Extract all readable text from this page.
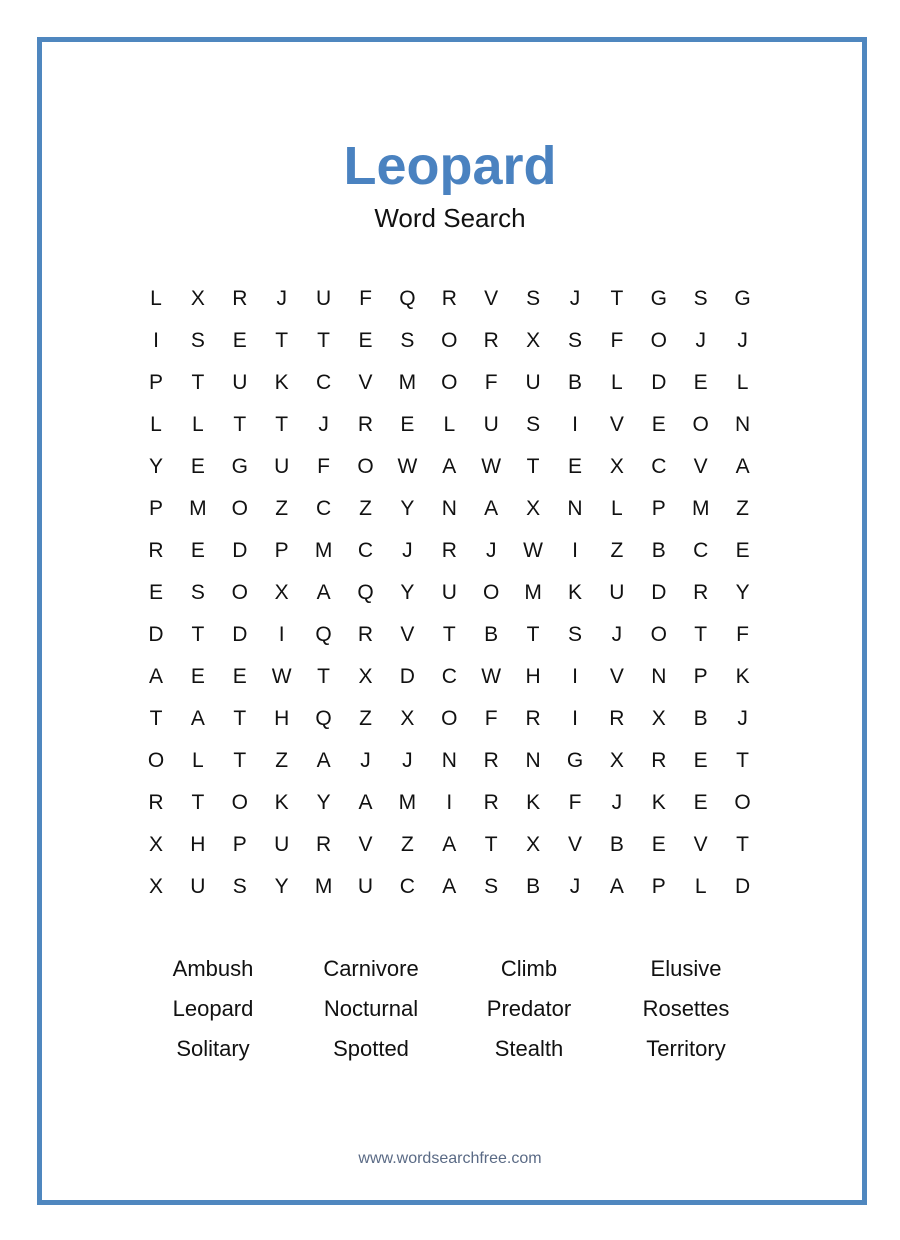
Leopard
Word Search
L	X	R	J	U	F	Q	R	V	S	J	T	G	S	G
I	S	E	T	T	E	S	O	R	X	S	F	O	J	J
P	T	U	K	C	V	M	O	F	U	B	L	D	E	L
L	L	T	T	J	R	E	L	U	S	I	V	E	O	N
Y	E	G	U	F	O	W	A	W	T	E	X	C	V	A
P	M	O	Z	C	Z	Y	N	A	X	N	L	P	M	Z
R	E	D	P	M	C	J	R	J	W	I	Z	B	C	E
E	S	O	X	A	Q	Y	U	O	M	K	U	D	R	Y
D	T	D	I	Q	R	V	T	B	T	S	J	O	T	F
A	E	E	W	T	X	D	C	W	H	I	V	N	P	K
T	A	T	H	Q	Z	X	O	F	R	I	R	X	B	J
O	L	T	Z	A	J	J	N	R	N	G	X	R	E	T
R	T	O	K	Y	A	M	I	R	K	F	J	K	E	O
X	H	P	U	R	V	Z	A	T	X	V	B	E	V	T
X	U	S	Y	M	U	C	A	S	B	J	A	P	L	D
Ambush	Carnivore	Climb	Elusive
Leopard	Nocturnal	Predator	Rosettes
Solitary	Spotted	Stealth	Territory
www.wordsearchfree.com
